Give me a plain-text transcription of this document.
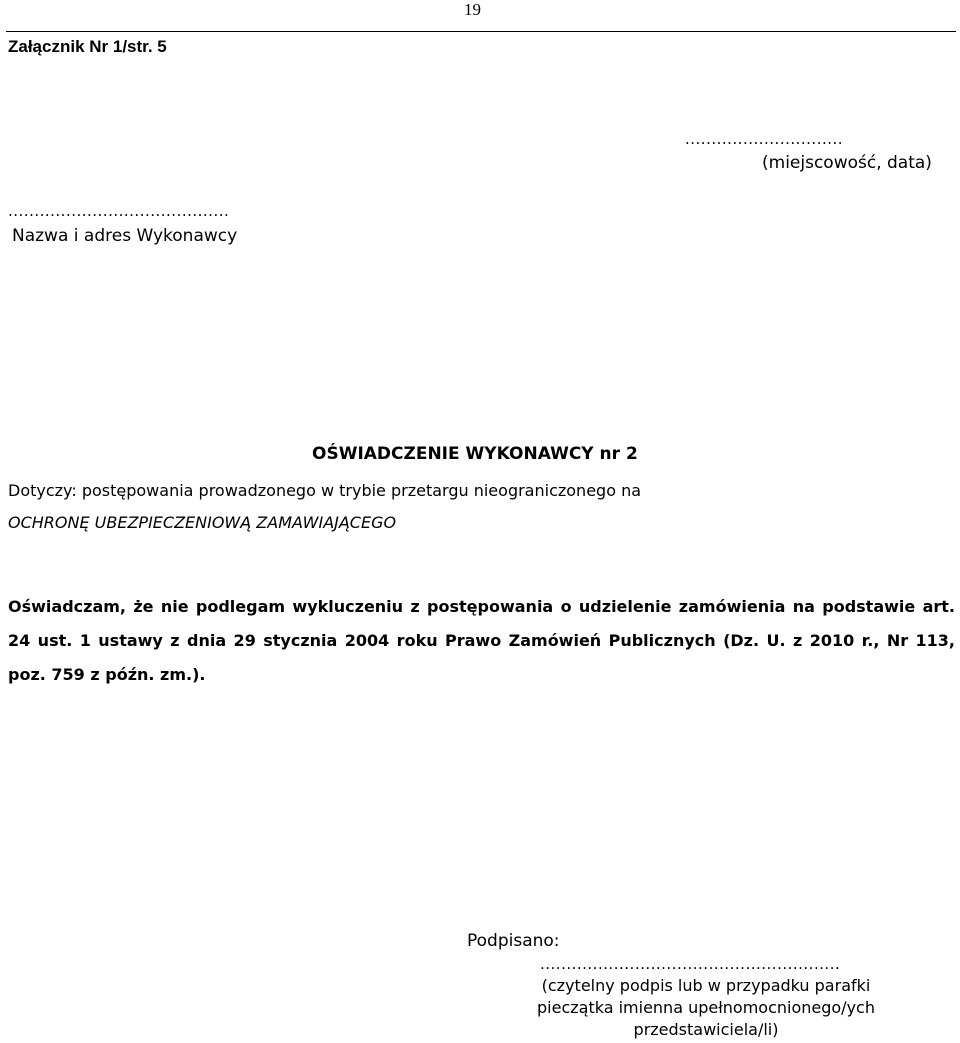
19
Załącznik Nr 1/str. 5
..............................
(miejscowość, data)
..........................................
Nazwa i adres Wykonawcy
OŚWIADCZENIE WYKONAWCY nr 2
Dotyczy: postępowania prowadzonego w trybie przetargu nieograniczonego na
OCHRONĘ UBEZPIECZENIOWĄ ZAMAWIAJĄCEGO
Oświadczam, że nie podlegam wykluczeniu z postępowania o udzielenie zamówienia na podstawie art. 24 ust. 1 ustawy z dnia 29 stycznia 2004 roku Prawo Zamówień Publicznych (Dz. U. z 2010 r., Nr 113, poz. 759 z późn. zm.).
Podpisano:
.........................................................
(czytelny podpis lub w przypadku parafki
pieczątka imienna upełnomocnionego/ych
przedstawiciela/li)
